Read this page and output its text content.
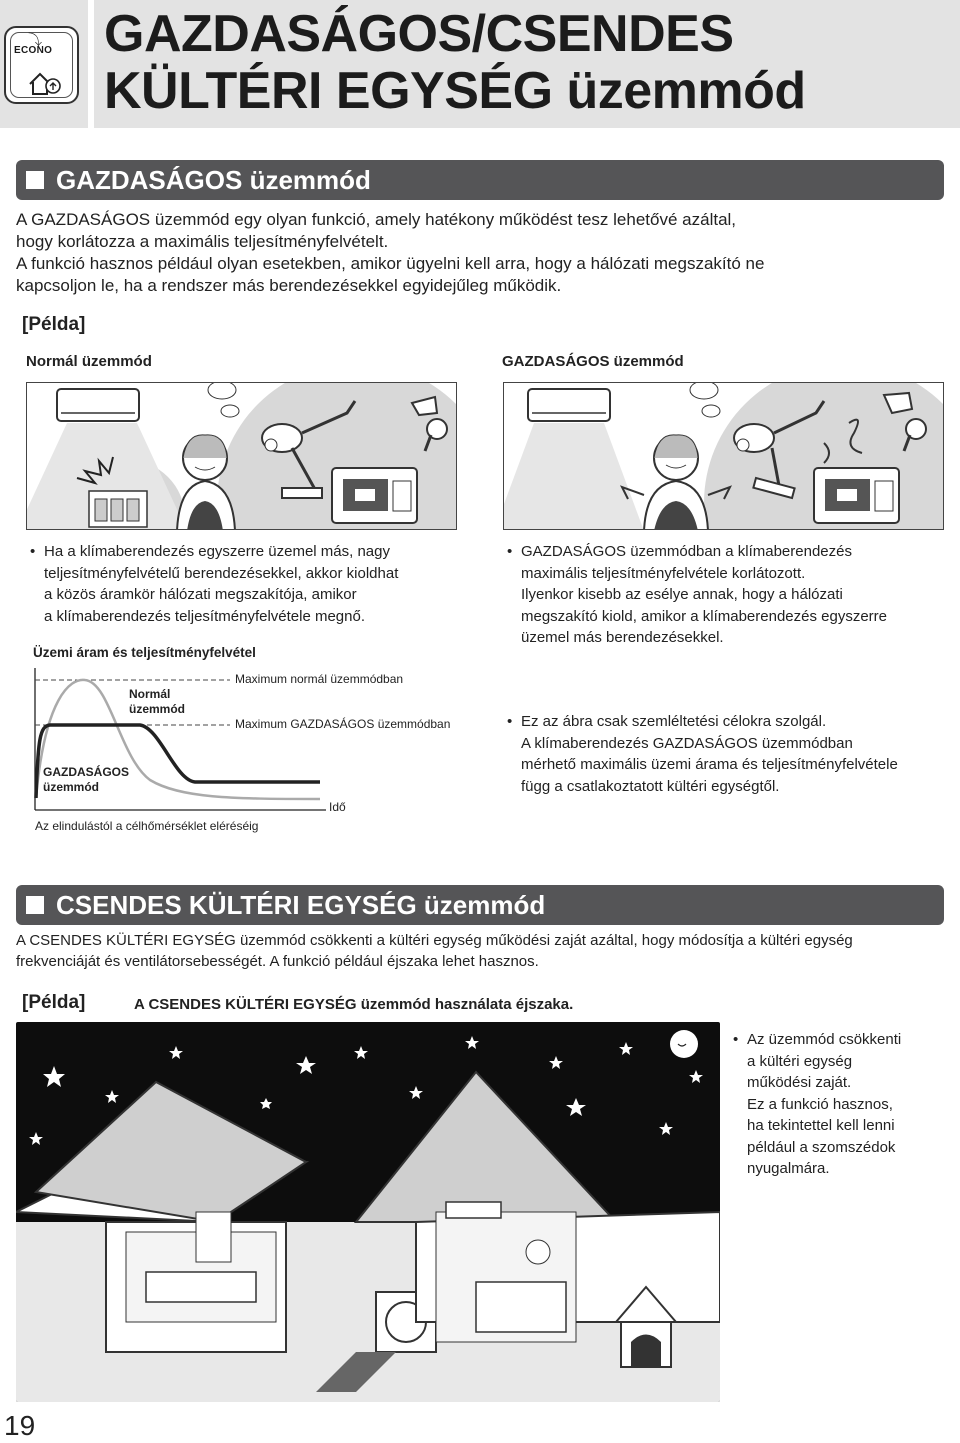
⤵
ECONO GAZDASÁGOS/CSENDES
KÜLTÉRI EGYSÉG üzemmód
GAZDASÁGOS üzemmód
A GAZDASÁGOS üzemmód egy olyan funkció, amely hatékony működést tesz lehetővé azáltal,
hogy korlátozza a maximális teljesítményfelvételt.
A funkció hasznos például olyan esetekben, amikor ügyelni kell arra, hogy a hálózati megszakító ne
kapcsoljon le, ha a rendszer más berendezésekkel egyidejűleg működik.
[Példa]
Normál üzemmód	GAZDASÁGOS üzemmód
• Ha a klímaberendezés egyszerre üzemel más, nagy
teljesítményfelvételű berendezésekkel, akkor kioldhat
a közös áramkör hálózati megszakítója, amikor
a klímaberendezés teljesítményfelvétele megnő.
• GAZDASÁGOS üzemmódban a klímaberendezés
maximális teljesítményfelvétele korlátozott.
Ilyenkor kisebb az esélye annak, hogy a hálózati
megszakító kiold, amikor a klímaberendezés egyszerre
üzemel más berendezésekkel.
Üzemi áram és teljesítményfelvétel
Maximum normál üzemmódban
Maximum GAZDASÁGOS üzemmódban
Normál
üzemmód
GAZDASÁGOS
üzemmód
Idő
Az elindulástól a célhőmérséklet eléréséig
• Ez az ábra csak szemléltetési célokra szolgál.
A klímaberendezés GAZDASÁGOS üzemmódban
mérhető maximális üzemi árama és teljesítményfelvétele
függ a csatlakoztatott kültéri egységtől.
CSENDES KÜLTÉRI EGYSÉG üzemmód
A CSENDES KÜLTÉRI EGYSÉG üzemmód csökkenti a kültéri egység működési zaját azáltal, hogy módosítja a kültéri egység
frekvenciáját és ventilátorsebességét. A funkció például éjszaka lehet hasznos.
[Példa]	A CSENDES KÜLTÉRI EGYSÉG üzemmód használata éjszaka.
• Az üzemmód csökkenti
a kültéri egység
működési zaját.
Ez a funkció hasznos,
ha tekintettel kell lenni
például a szomszédok
nyugalmára.
19
